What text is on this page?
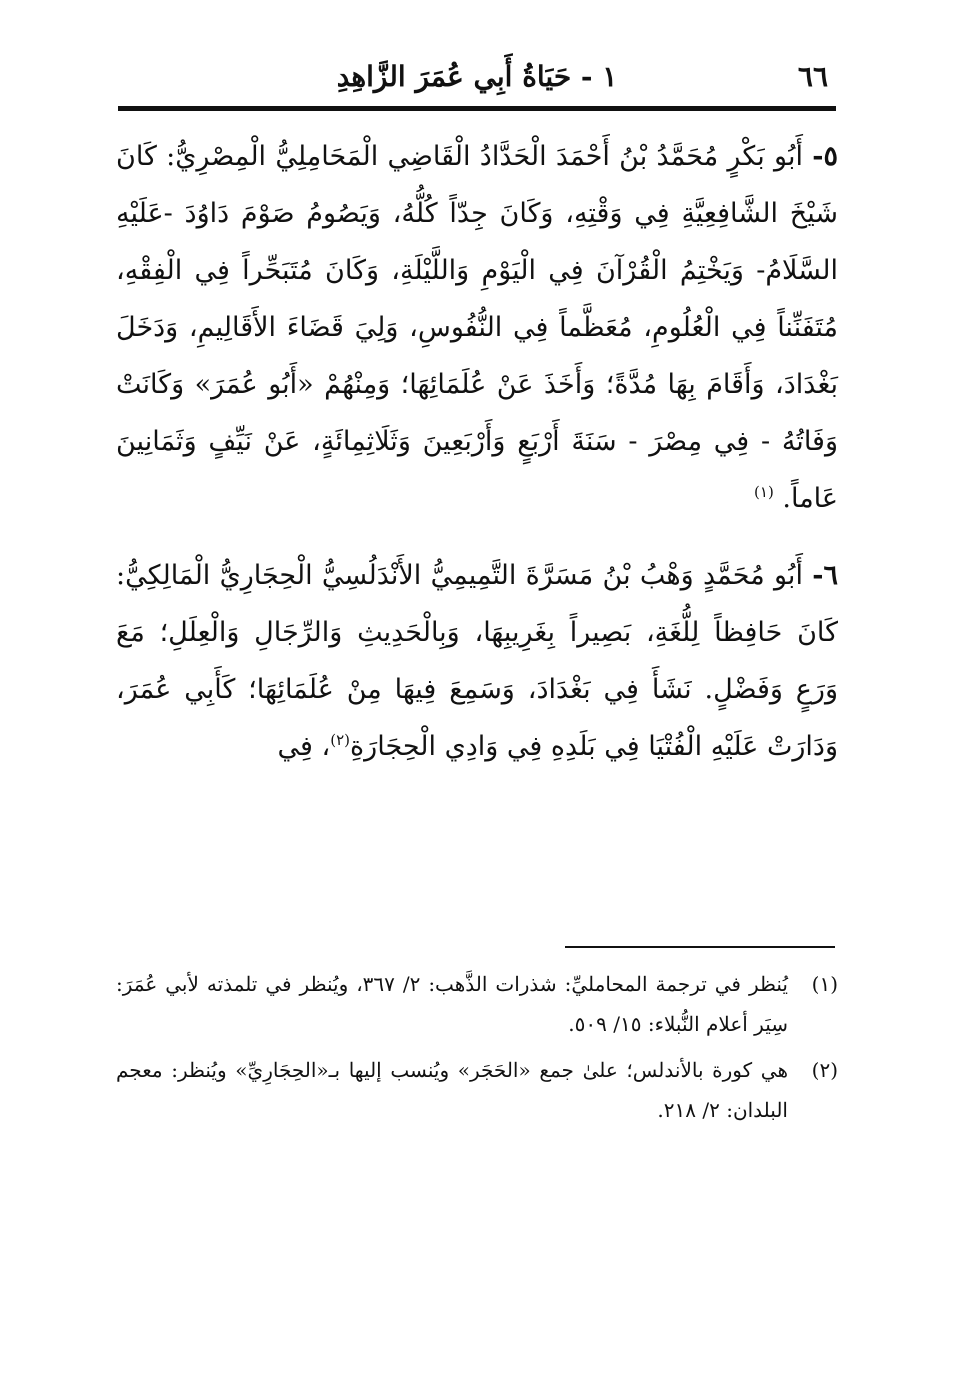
٦٦
١ - حَيَاةُ أَبِي عُمَرَ الزَّاهِدِ

٥- أَبُو بَكْرٍ مُحَمَّدُ بْنُ أَحْمَدَ الْحَدَّادُ الْقَاضِي الْمَحَامِلِيُّ الْمِصْرِيُّ: كَانَ شَيْخَ الشَّافِعِيَّةِ فِي وَقْتِهِ، وَكَانَ جِدّاً كُلُّهُ، وَيَصُومُ صَوْمَ دَاوُدَ -عَلَيْهِ السَّلَامُ- وَيَخْتِمُ الْقُرْآنَ فِي الْيَوْمِ وَاللَّيْلَةِ، وَكَانَ مُتَبَحِّراً فِي الْفِقْهِ، مُتَفَنِّناً فِي الْعُلُومِ، مُعَظَّماً فِي النُّفُوسِ، وَلِيَ قَضَاءَ الأَقَالِيمِ، وَدَخَلَ بَغْدَادَ، وَأَقَامَ بِهَا مُدَّةً؛ وَأَخَذَ عَنْ عُلَمَائِهَا؛ وَمِنْهُمْ «أَبُو عُمَرَ» وَكَانَتْ وَفَاتُهُ - فِي مِصْرَ - سَنَةَ أَرْبَعٍ وَأَرْبَعِينَ وَثَلَاثِمِائَةٍ، عَنْ نَيِّفٍ وَثَمَانِينَ عَاماً. $^{(١)}$

٦- أَبُو مُحَمَّدٍ وَهْبُ بْنُ مَسَرَّةَ التَّمِيمِيُّ الأَنْدَلُسِيُّ الْحِجَارِيُّ الْمَالِكِيُّ: كَانَ حَافِظاً لِلُّغَةِ، بَصِيراً بِغَرِيبِهَا، وَبِالْحَدِيثِ وَالرِّجَالِ وَالْعِلَلِ؛ مَعَ وَرَعٍ وَفَضْلٍ. نَشَأَ فِي بَغْدَادَ، وَسَمِعَ فِيهَا مِنْ عُلَمَائِهَا؛ كَأَبِي عُمَرَ، وَدَارَتْ عَلَيْهِ الْفُتْيَا فِي بَلَدِهِ فِي وَادِي الْحِجَارَةِ$^{(٢)}$، فِي

(١)
يُنظر في ترجمة المحامليِّ: شذرات الذَّهب: ٢/ ٣٦٧، ويُنظر في تلمذته لأبي عُمَرَ: سِيَر أعلام النُّبلاء: ١٥/ ٥٠٩.

(٢)
هي كورة بالأندلس؛ علىٰ جمع «الحَجَر» ويُنسب إليها بـ«الحِجَارِيِّ» ويُنظر: معجم البلدان: ٢/ ٢١٨.
